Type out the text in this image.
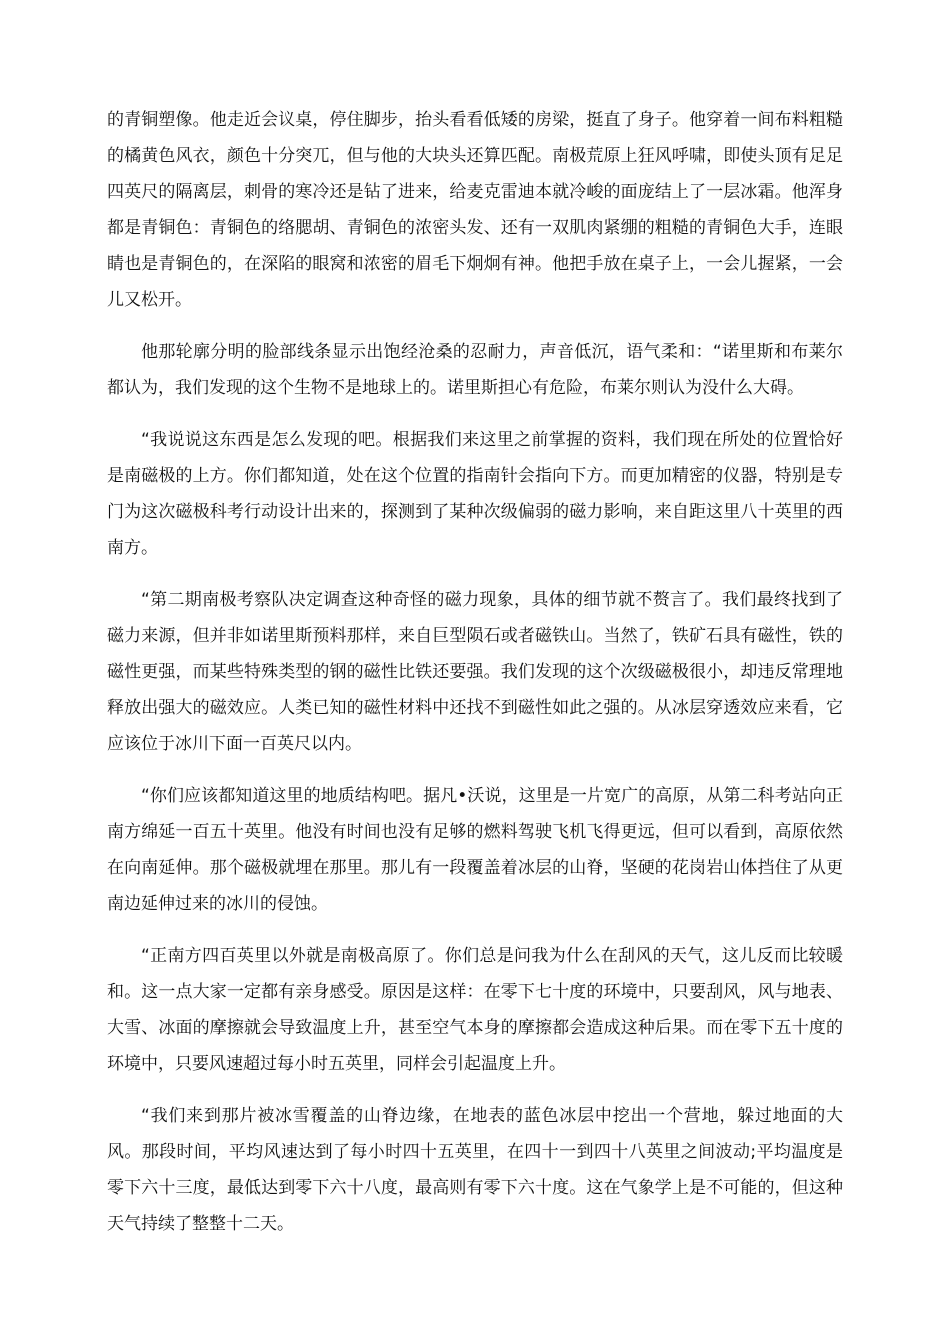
的青铜塑像。他走近会议桌，停住脚步，抬头看看低矮的房梁，挺直了身子。他穿着一间布料粗糙的橘黄色风衣，颜色十分突兀，但与他的大块头还算匹配。南极荒原上狂风呼啸，即使头顶有足足四英尺的隔离层，刺骨的寒冷还是钻了进来，给麦克雷迪本就冷峻的面庞结上了一层冰霜。他浑身都是青铜色：青铜色的络腮胡、青铜色的浓密头发、还有一双肌肉紧绷的粗糙的青铜色大手，连眼睛也是青铜色的，在深陷的眼窝和浓密的眉毛下炯炯有神。他把手放在桌子上，一会儿握紧，一会儿又松开。

他那轮廓分明的脸部线条显示出饱经沧桑的忍耐力，声音低沉，语气柔和：“诺里斯和布莱尔都认为，我们发现的这个生物不是地球上的。诺里斯担心有危险，布莱尔则认为没什么大碍。

“我说说这东西是怎么发现的吧。根据我们来这里之前掌握的资料，我们现在所处的位置恰好是南磁极的上方。你们都知道，处在这个位置的指南针会指向下方。而更加精密的仪器，特别是专门为这次磁极科考行动设计出来的，探测到了某种次级偏弱的磁力影响，来自距这里八十英里的西南方。

“第二期南极考察队决定调查这种奇怪的磁力现象，具体的细节就不赘言了。我们最终找到了磁力来源，但并非如诺里斯预料那样，来自巨型陨石或者磁铁山。当然了，铁矿石具有磁性，铁的磁性更强，而某些特殊类型的钢的磁性比铁还要强。我们发现的这个次级磁极很小，却违反常理地释放出强大的磁效应。人类已知的磁性材料中还找不到磁性如此之强的。从冰层穿透效应来看，它应该位于冰川下面一百英尺以内。

“你们应该都知道这里的地质结构吧。据凡•沃说，这里是一片宽广的高原，从第二科考站向正南方绵延一百五十英里。他没有时间也没有足够的燃料驾驶飞机飞得更远，但可以看到，高原依然在向南延伸。那个磁极就埋在那里。那儿有一段覆盖着冰层的山脊，坚硬的花岗岩山体挡住了从更南边延伸过来的冰川的侵蚀。

“正南方四百英里以外就是南极高原了。你们总是问我为什么在刮风的天气，这儿反而比较暖和。这一点大家一定都有亲身感受。原因是这样：在零下七十度的环境中，只要刮风，风与地表、大雪、冰面的摩擦就会导致温度上升，甚至空气本身的摩擦都会造成这种后果。而在零下五十度的环境中，只要风速超过每小时五英里，同样会引起温度上升。

“我们来到那片被冰雪覆盖的山脊边缘，在地表的蓝色冰层中挖出一个营地，躲过地面的大风。那段时间，平均风速达到了每小时四十五英里，在四十一到四十八英里之间波动;平均温度是零下六十三度，最低达到零下六十八度，最高则有零下六十度。这在气象学上是不可能的，但这种天气持续了整整十二天。
